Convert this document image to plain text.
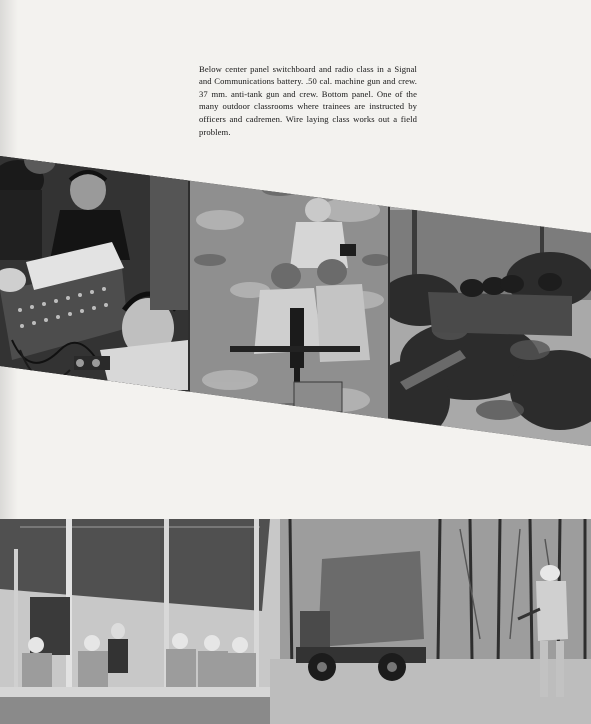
Below center panel switchboard and radio class in a Signal and Communications battery. .50 cal. machine gun and crew. 37 mm. anti-tank gun and crew. Bottom panel. One of the many outdoor classrooms where trainees are instructed by officers and cadremen. Wire laying class works out a field problem.
